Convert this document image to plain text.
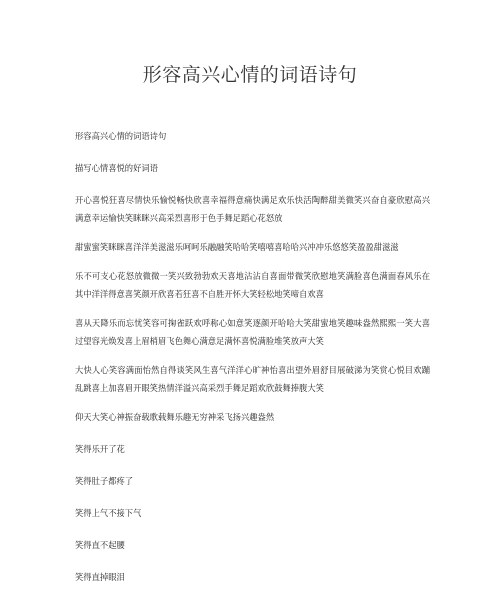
形容高兴心情的词语诗句

形容高兴心情的词语诗句

描写心情喜悦的好词语

开心喜悦狂喜尽情快乐愉悦畅快欣喜幸福得意痛快满足欢乐快活陶醉甜美微笑兴奋自豪欣慰高兴满意幸运愉快笑眯眯兴高采烈喜形于色手舞足蹈心花怒放

甜蜜蜜笑眯眯喜洋洋美滋滋乐呵呵乐融融笑哈哈笑嘻嘻喜哈哈兴冲冲乐悠悠笑盈盈甜滋滋

乐不可支心花怒放微微一笑兴致勃勃欢天喜地沾沾自喜面带微笑欣慰地笑满脸喜色满面春风乐在其中洋洋得意喜笑颜开欣喜若狂喜不自胜开怀大笑轻松地笑啼自欢喜

喜从天降乐而忘忧笑容可掬雀跃欢呼称心如意笑逐颜开哈哈大笑甜蜜地笑趣味盎然熙熙一笑大喜过望容光焕发喜上眉梢眉飞色舞心满意足满怀喜悦满脸堆笑放声大笑

大快人心笑容满面怡然自得谈笑风生喜气洋洋心旷神怡喜出望外眉舒目展破涕为笑赏心悦目欢蹦乱跳喜上加喜眉开眼笑热情洋溢兴高采烈手舞足蹈欢欣鼓舞捧腹大笑

仰天大笑心神振奋载歌载舞乐趣无穷神采飞扬兴趣盎然

笑得乐开了花

笑得肚子都疼了

笑得上气不接下气

笑得直不起腰

笑得直掉眼泪
